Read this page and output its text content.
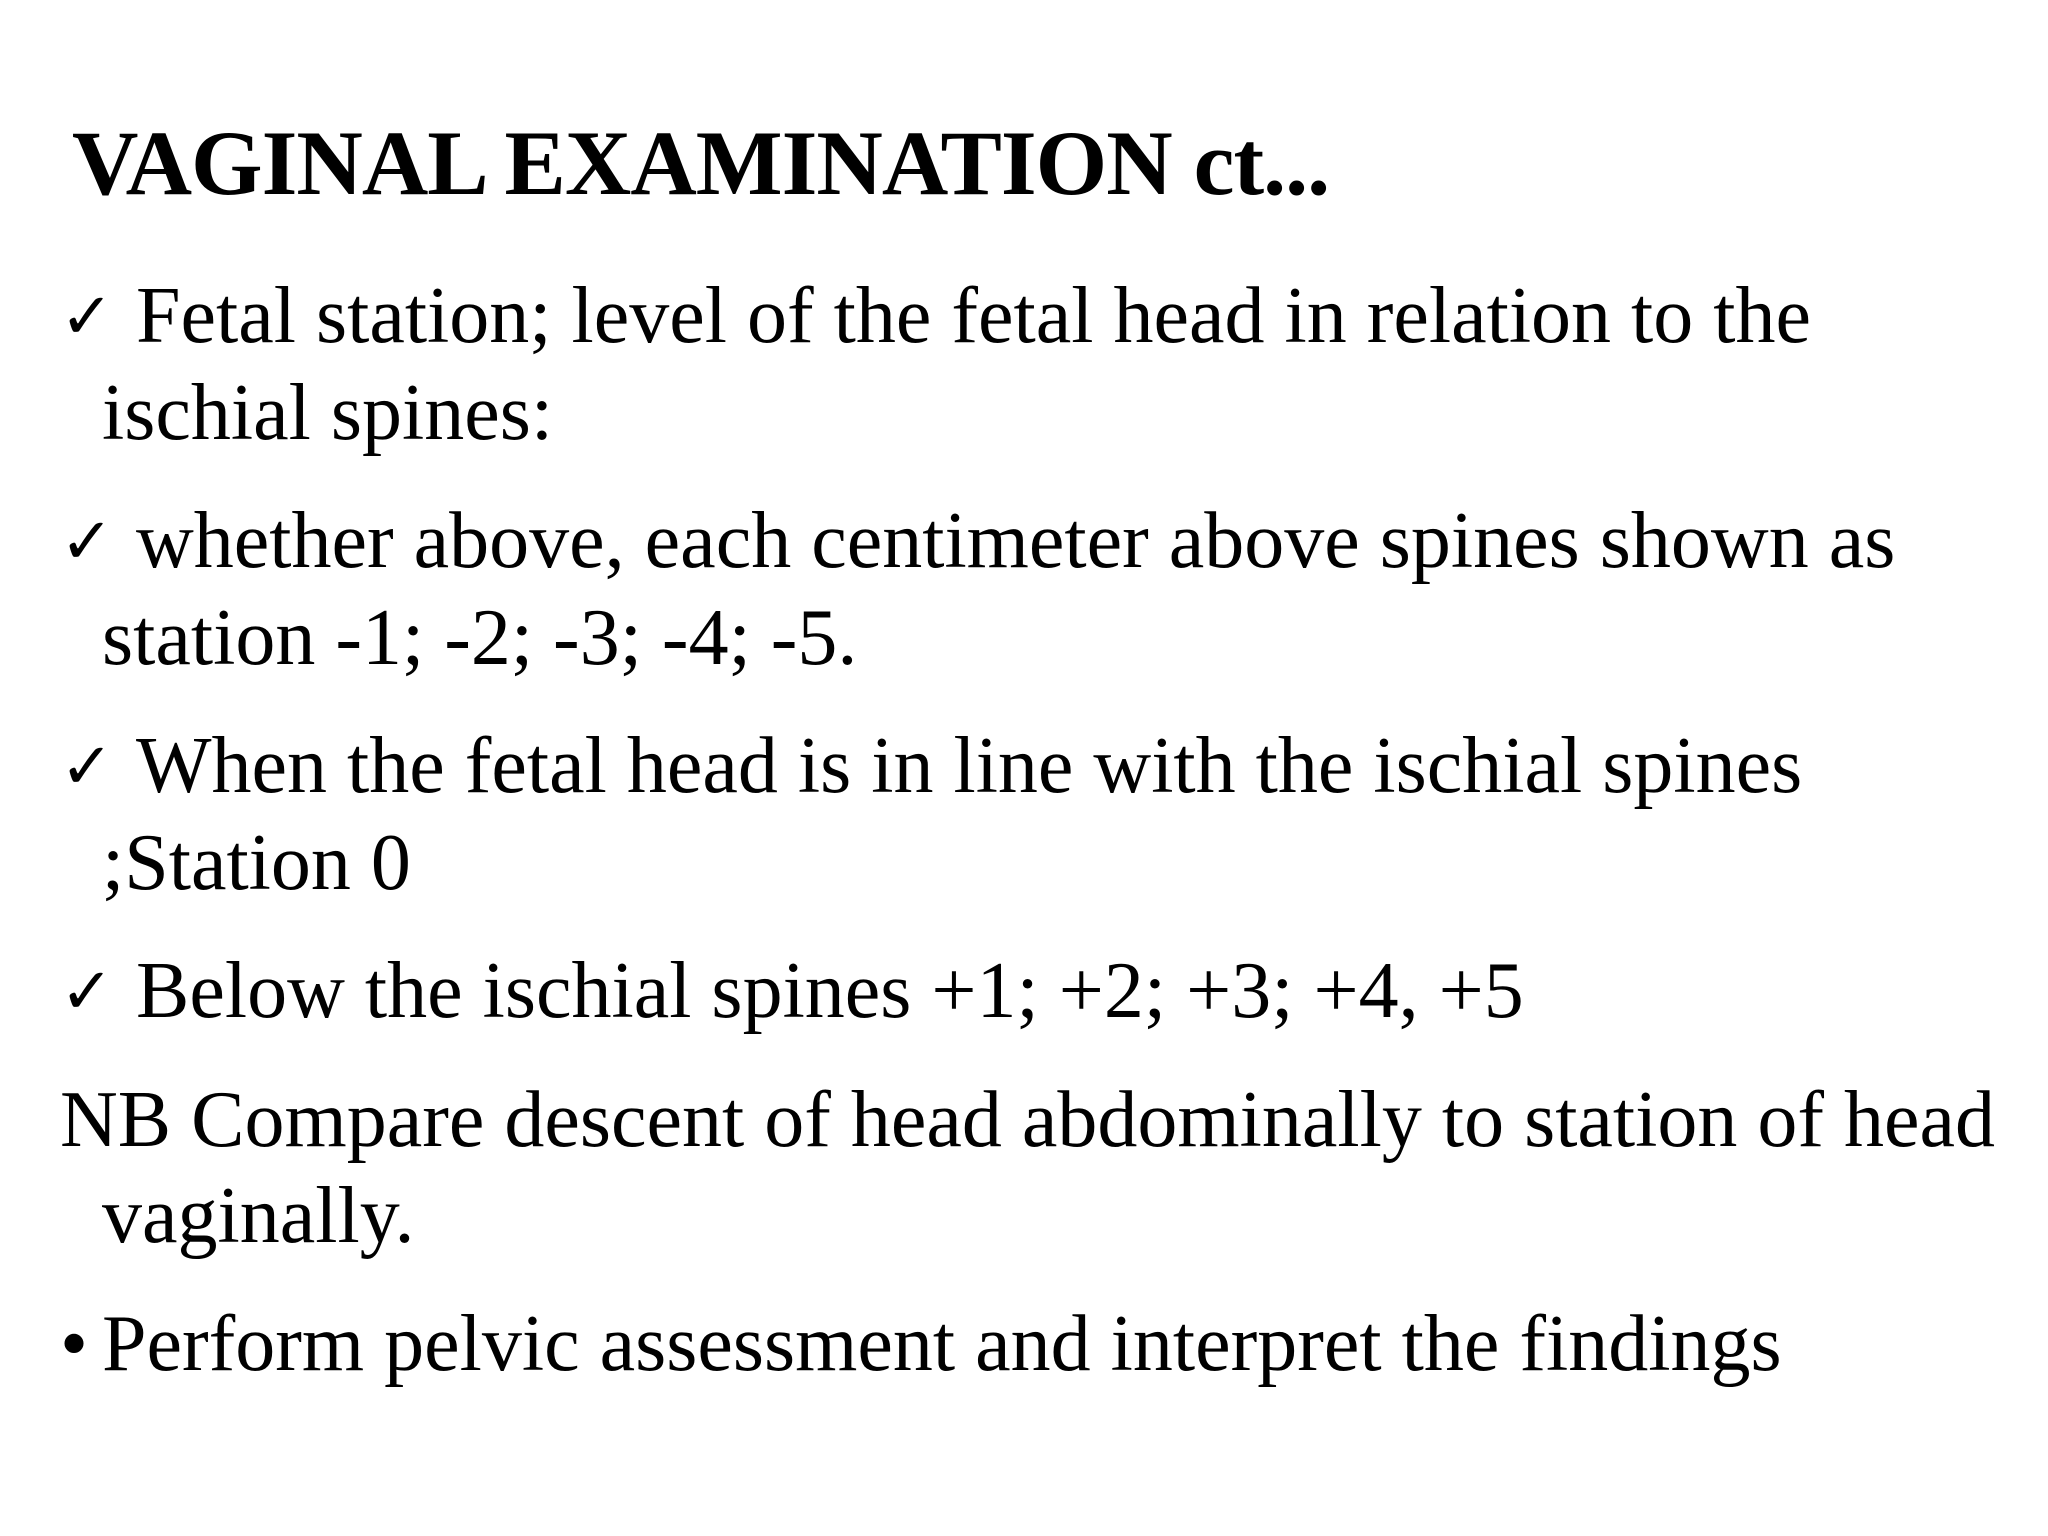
VAGINAL EXAMINATION ct...
✓ Fetal station; level of the fetal head in relation to the ischial spines:
✓ whether above, each centimeter above spines shown as station -1; -2; -3; -4; -5.
✓ When the fetal head is in line with the ischial spines ;Station 0
✓ Below the ischial spines +1; +2; +3; +4, +5
NB Compare descent of head abdominally to station of head vaginally.
• Perform pelvic assessment and interpret the findings
